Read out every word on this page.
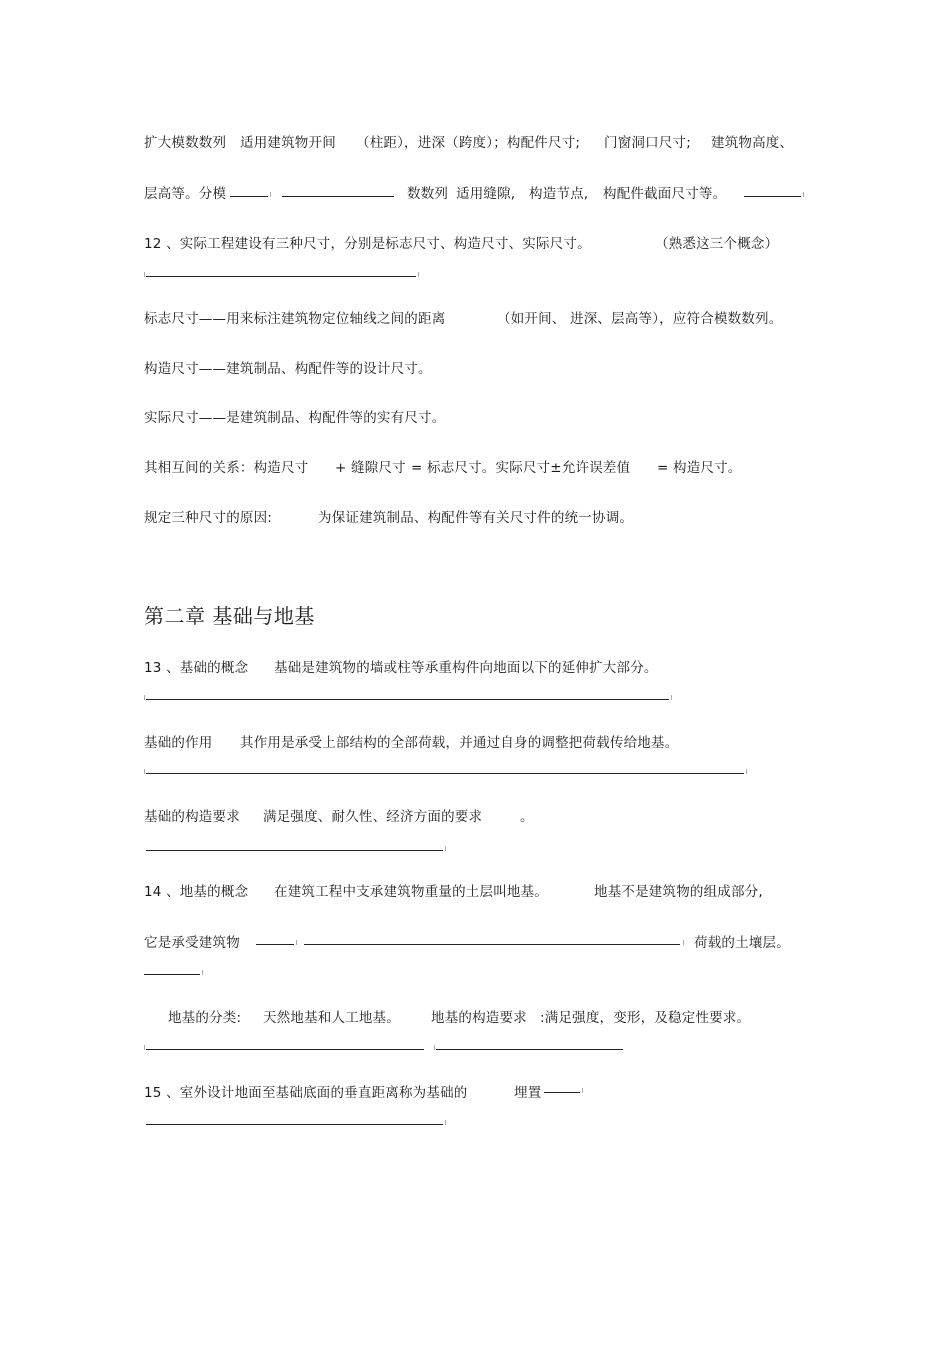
扩大模数数列 适用建筑物开间 （柱距），进深（跨度）；构配件尺寸; 门窗洞口尺寸; 建筑物高度、
层高等。分模	数数列 适用缝隙, 构造节点, 构配件截面尺寸等。
12 、实际工程建设有三种尺寸，分别是标志尺寸、构造尺寸、实际尺寸。	（熟悉这三个概念）
标志尺寸——用来标注建筑物定位轴线之间的距离	（如开间、 进深、层高等），应符合模数数列。
构造尺寸——建筑制品、构配件等的设计尺寸。
实际尺寸——是建筑制品、构配件等的实有尺寸。
其相互间的关系：构造尺寸 + 缝隙尺寸 = 标志尺寸。实际尺寸±允许误差值 = 构造尺寸。
规定三种尺寸的原因:	为保证建筑制品、构配件等有关尺寸件的统一协调。
第二章 基础与地基
13 、基础的概念 基础是建筑物的墙或柱等承重构件向地面以下的延伸扩大部分。
基础的作用 其作用是承受上部结构的全部荷载，并通过自身的调整把荷载传给地基。
基础的构造要求 满足强度、耐久性、经济方面的要求	。
14 、地基的概念 在建筑工程中支承建筑物重量的土层叫地基。	地基不是建筑物的组成部分,
它是承受建筑物	荷载的土壤层。
地基的分类: 天然地基和人工地基。 地基的构造要求 :满足强度，变形，及稳定性要求。
15 、室外设计地面至基础底面的垂直距离称为基础的	埋置
